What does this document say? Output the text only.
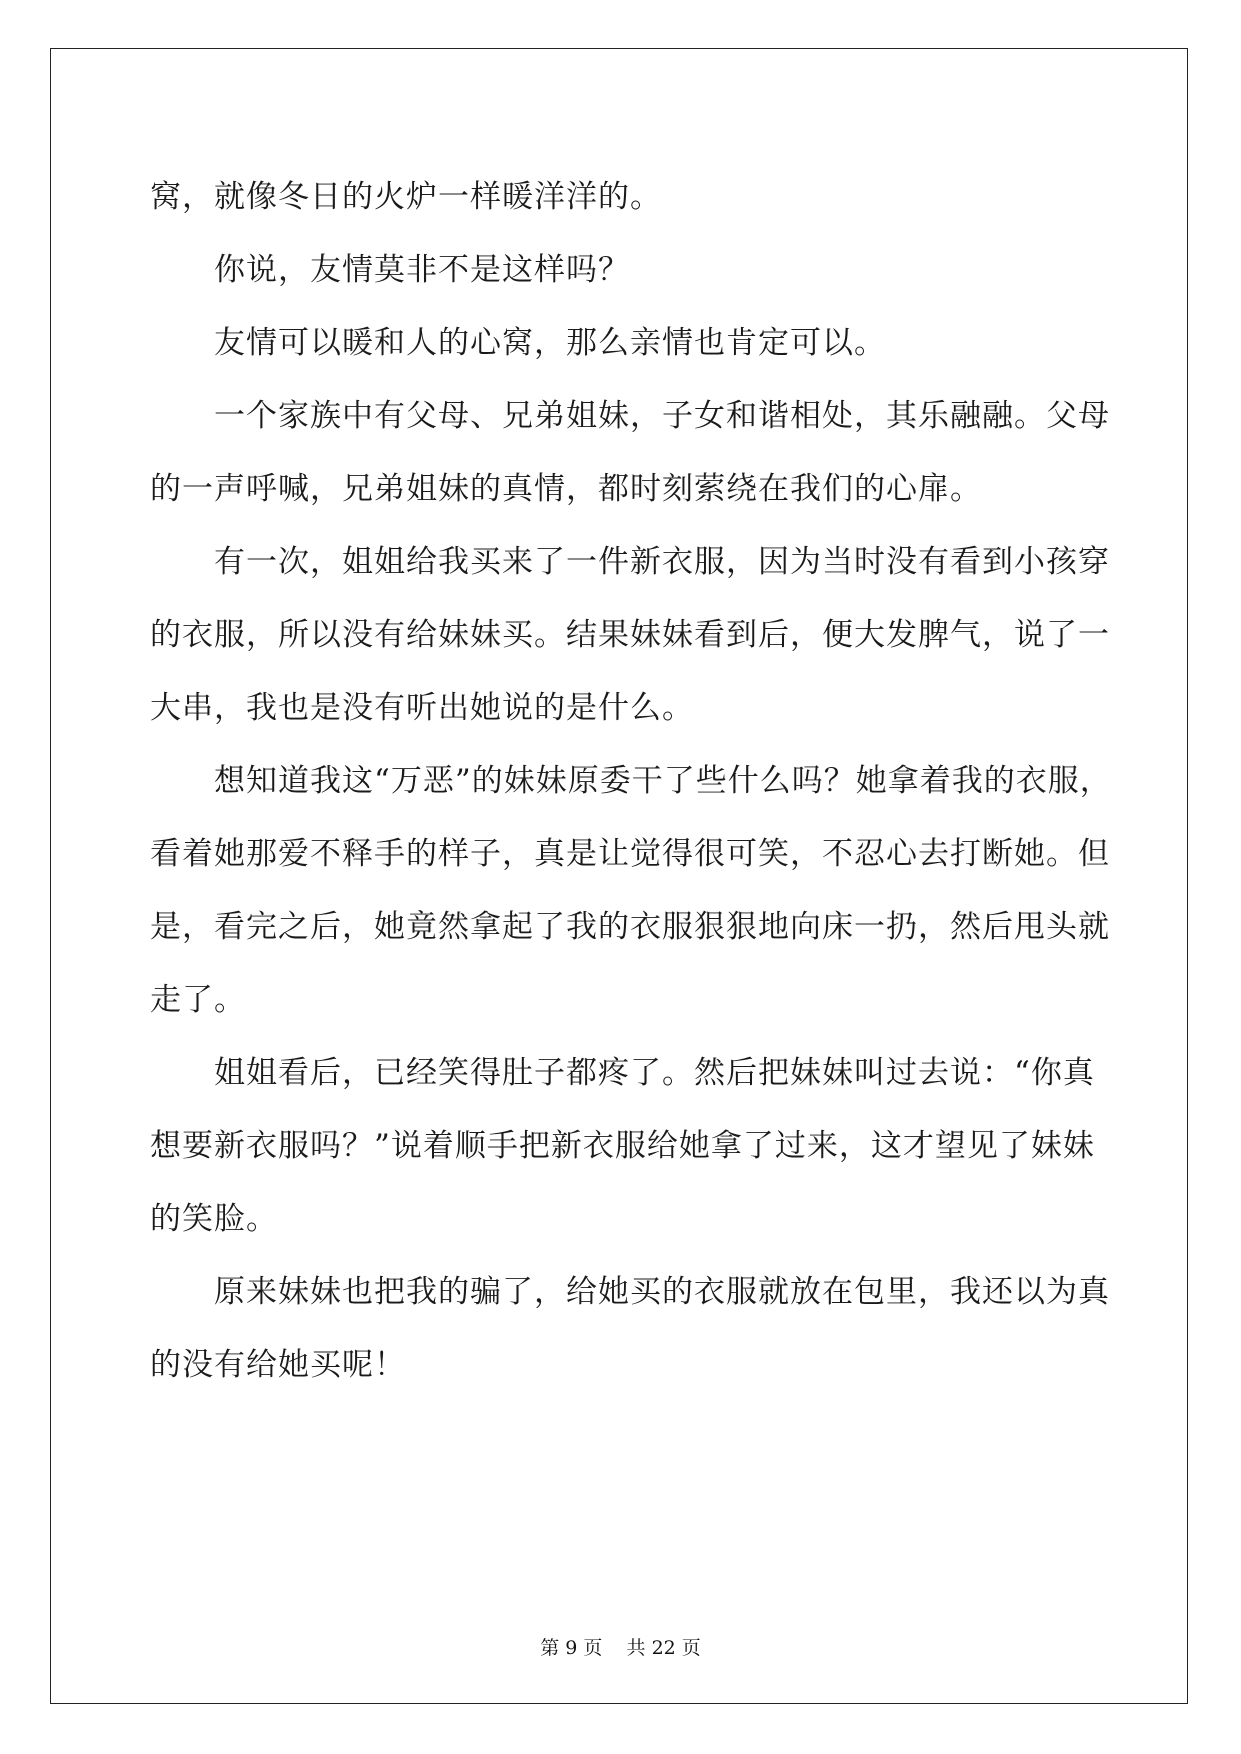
窝，就像冬日的火炉一样暖洋洋的。

你说，友情莫非不是这样吗？

友情可以暖和人的心窝，那么亲情也肯定可以。

一个家族中有父母、兄弟姐妹，子女和谐相处，其乐融融。父母

的一声呼喊，兄弟姐妹的真情，都时刻萦绕在我们的心扉。

有一次，姐姐给我买来了一件新衣服，因为当时没有看到小孩穿

的衣服，所以没有给妹妹买。结果妹妹看到后，便大发脾气，说了一

大串，我也是没有听出她说的是什么。

想知道我这“万恶”的妹妹原委干了些什么吗？她拿着我的衣服，

看着她那爱不释手的样子，真是让觉得很可笑，不忍心去打断她。但

是，看完之后，她竟然拿起了我的衣服狠狠地向床一扔，然后甩头就

走了。

姐姐看后，已经笑得肚子都疼了。然后把妹妹叫过去说：“你真

想要新衣服吗？”说着顺手把新衣服给她拿了过来，这才望见了妹妹

的笑脸。

原来妹妹也把我的骗了，给她买的衣服就放在包里，我还以为真

的没有给她买呢！

第 9 页    共 22 页
